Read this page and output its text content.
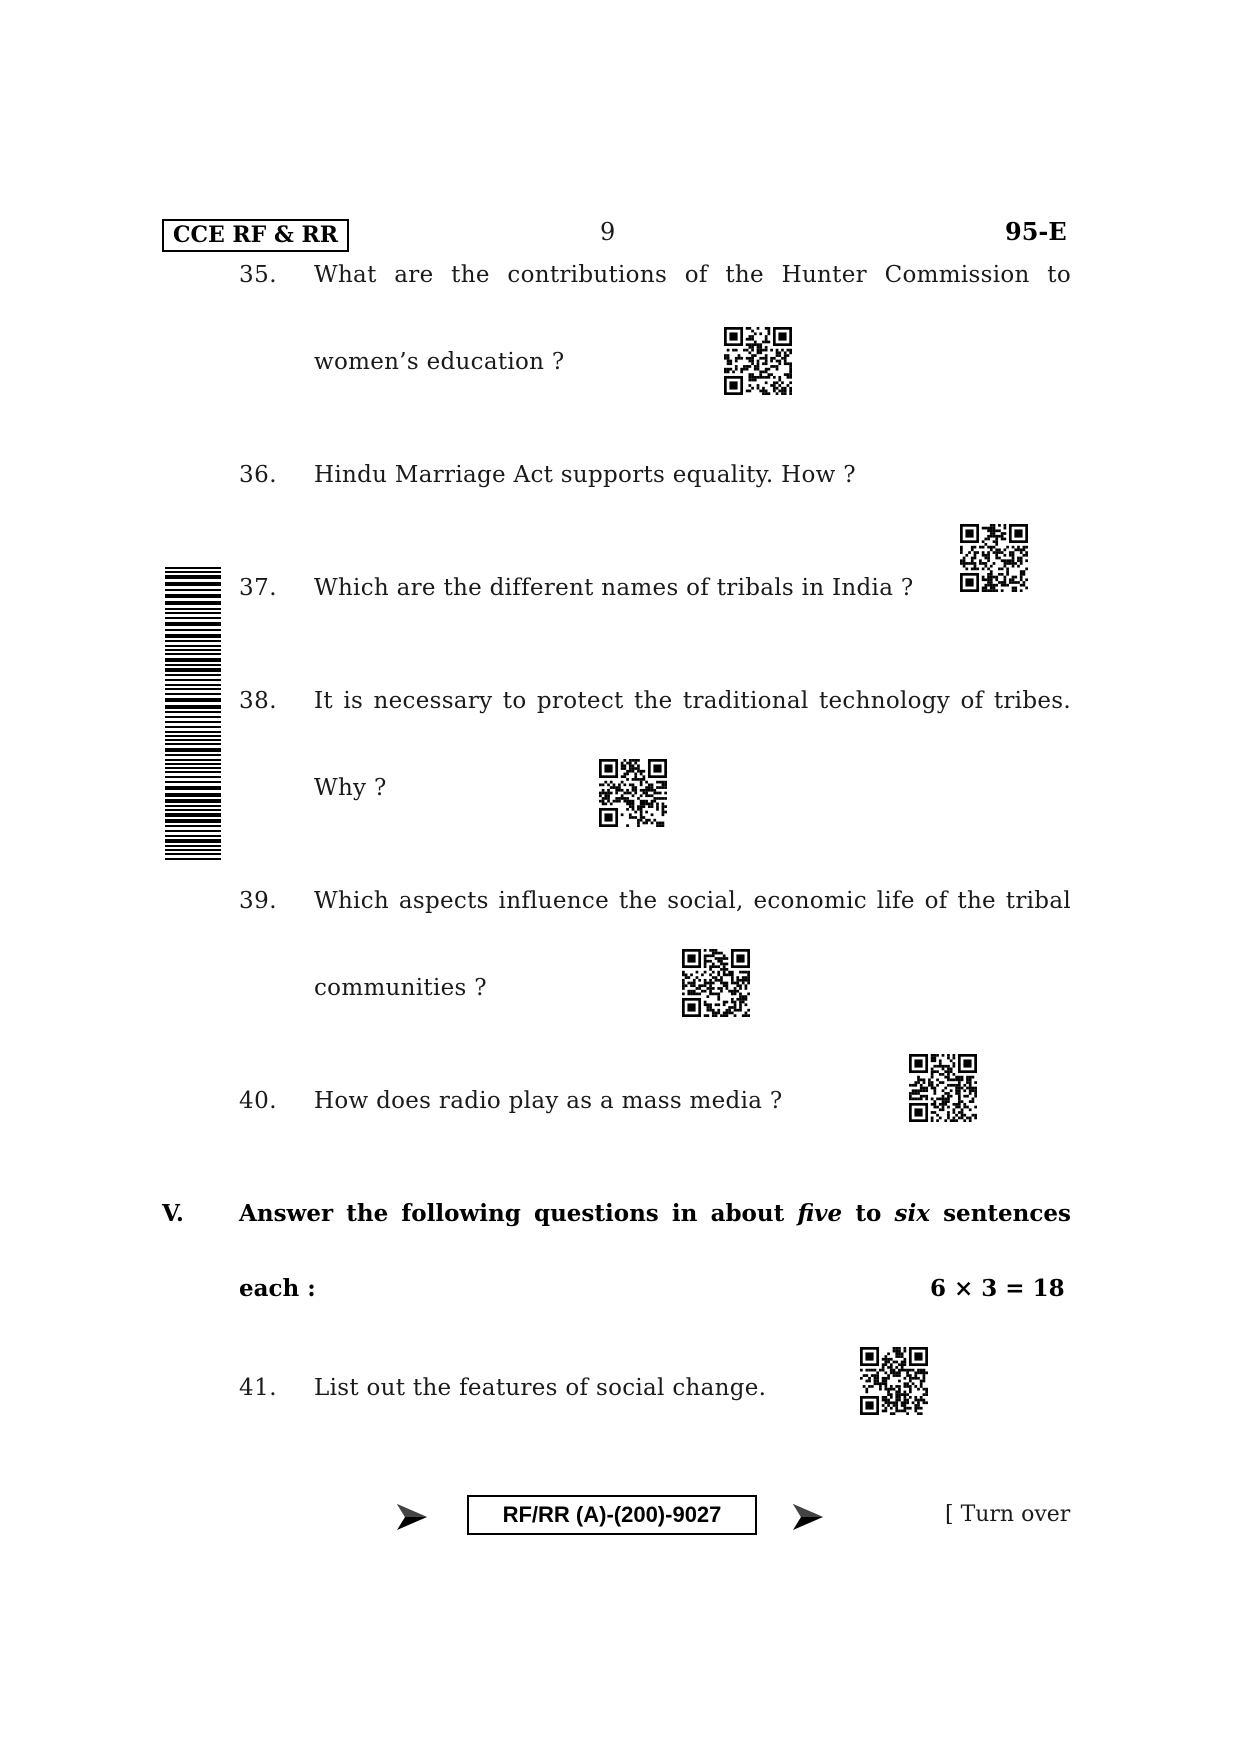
CCE RF & RR	9	95-E
35. What are the contributions of the Hunter Commission to
women’s education ?
36. Hindu Marriage Act supports equality. How ?
37. Which are the different names of tribals in India ?
38. It is necessary to protect the traditional technology of tribes.
Why ?
39. Which aspects influence the social, economic life of the tribal
communities ?
40. How does radio play as a mass media ?
V. Answer the following questions in about five to six sentences
each :	6 × 3 = 18
41. List out the features of social change.
RF/RR (A)-(200)-9027	[ Turn over
